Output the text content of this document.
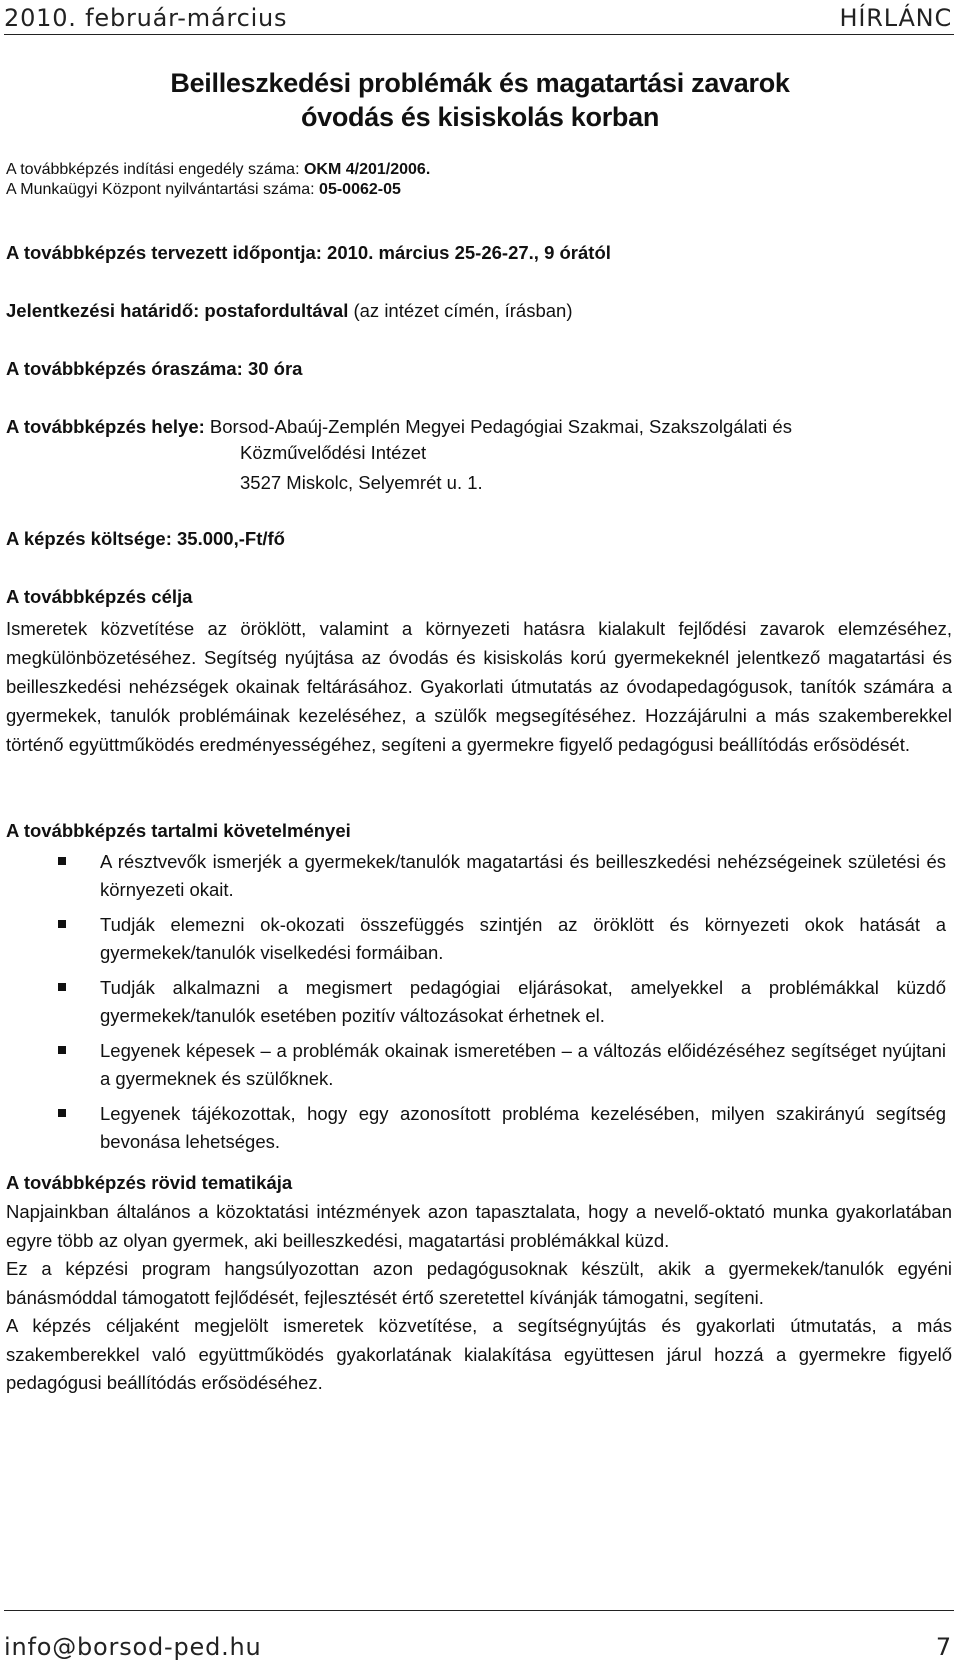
2010. február-március	HÍRLÁNC
Beilleszkedési problémák és magatartási zavarok
óvodás és kisiskolás korban
A továbbképzés indítási engedély száma: OKM 4/201/2006.
A Munkaügyi Központ nyilvántartási száma: 05-0062-05
A továbbképzés tervezett időpontja: 2010. március 25-26-27., 9 órától
Jelentkezési határidő: postafordultával (az intézet címén, írásban)
A továbbképzés óraszáma: 30 óra
A továbbképzés helye: Borsod-Abaúj-Zemplén Megyei Pedagógiai Szakmai, Szakszolgálati és
Közművelődési Intézet
3527 Miskolc, Selyemrét u. 1.
A képzés költsége: 35.000,-Ft/fő
A továbbképzés célja
Ismeretek közvetítése az öröklött, valamint a környezeti hatásra kialakult fejlődési zavarok elemzéséhez, megkülönbözetéséhez. Segítség nyújtása az óvodás és kisiskolás korú gyermekeknél jelentkező magatartási és beilleszkedési nehézségek okainak feltárásához. Gyakorlati útmutatás az óvodapedagógusok, tanítók számára a gyermekek, tanulók problémáinak kezeléséhez, a szülők megsegítéséhez. Hozzájárulni a más szakemberekkel történő együttműködés eredményességéhez, segíteni a gyermekre figyelő pedagógusi beállítódás erősödését.
A továbbképzés tartalmi követelményei
A résztvevők ismerjék a gyermekek/tanulók magatartási és beilleszkedési nehézségeinek születési és környezeti okait.
Tudják elemezni ok-okozati összefüggés szintjén az öröklött és környezeti okok hatását a gyermekek/tanulók viselkedési formáiban.
Tudják alkalmazni a megismert pedagógiai eljárásokat, amelyekkel a problémákkal küzdő gyermekek/tanulók esetében pozitív változásokat érhetnek el.
Legyenek képesek – a problémák okainak ismeretében – a változás előidézéséhez segítséget nyújtani a gyermeknek és szülőknek.
Legyenek tájékozottak, hogy egy azonosított probléma kezelésében, milyen szakirányú segítség bevonása lehetséges.
A továbbképzés rövid tematikája
Napjainkban általános a közoktatási intézmények azon tapasztalata, hogy a nevelő-oktató munka gyakorlatában egyre több az olyan gyermek, aki beilleszkedési, magatartási problémákkal küzd.
Ez a képzési program hangsúlyozottan azon pedagógusoknak készült, akik a gyermekek/tanulók egyéni bánásmóddal támogatott fejlődését, fejlesztését értő szeretettel kívánják támogatni, segíteni.
A képzés céljaként megjelölt ismeretek közvetítése, a segítségnyújtás és gyakorlati útmutatás, a más szakemberekkel való együttműködés gyakorlatának kialakítása együttesen járul hozzá a gyermekre figyelő pedagógusi beállítódás erősödéséhez.
info@borsod-ped.hu	7
